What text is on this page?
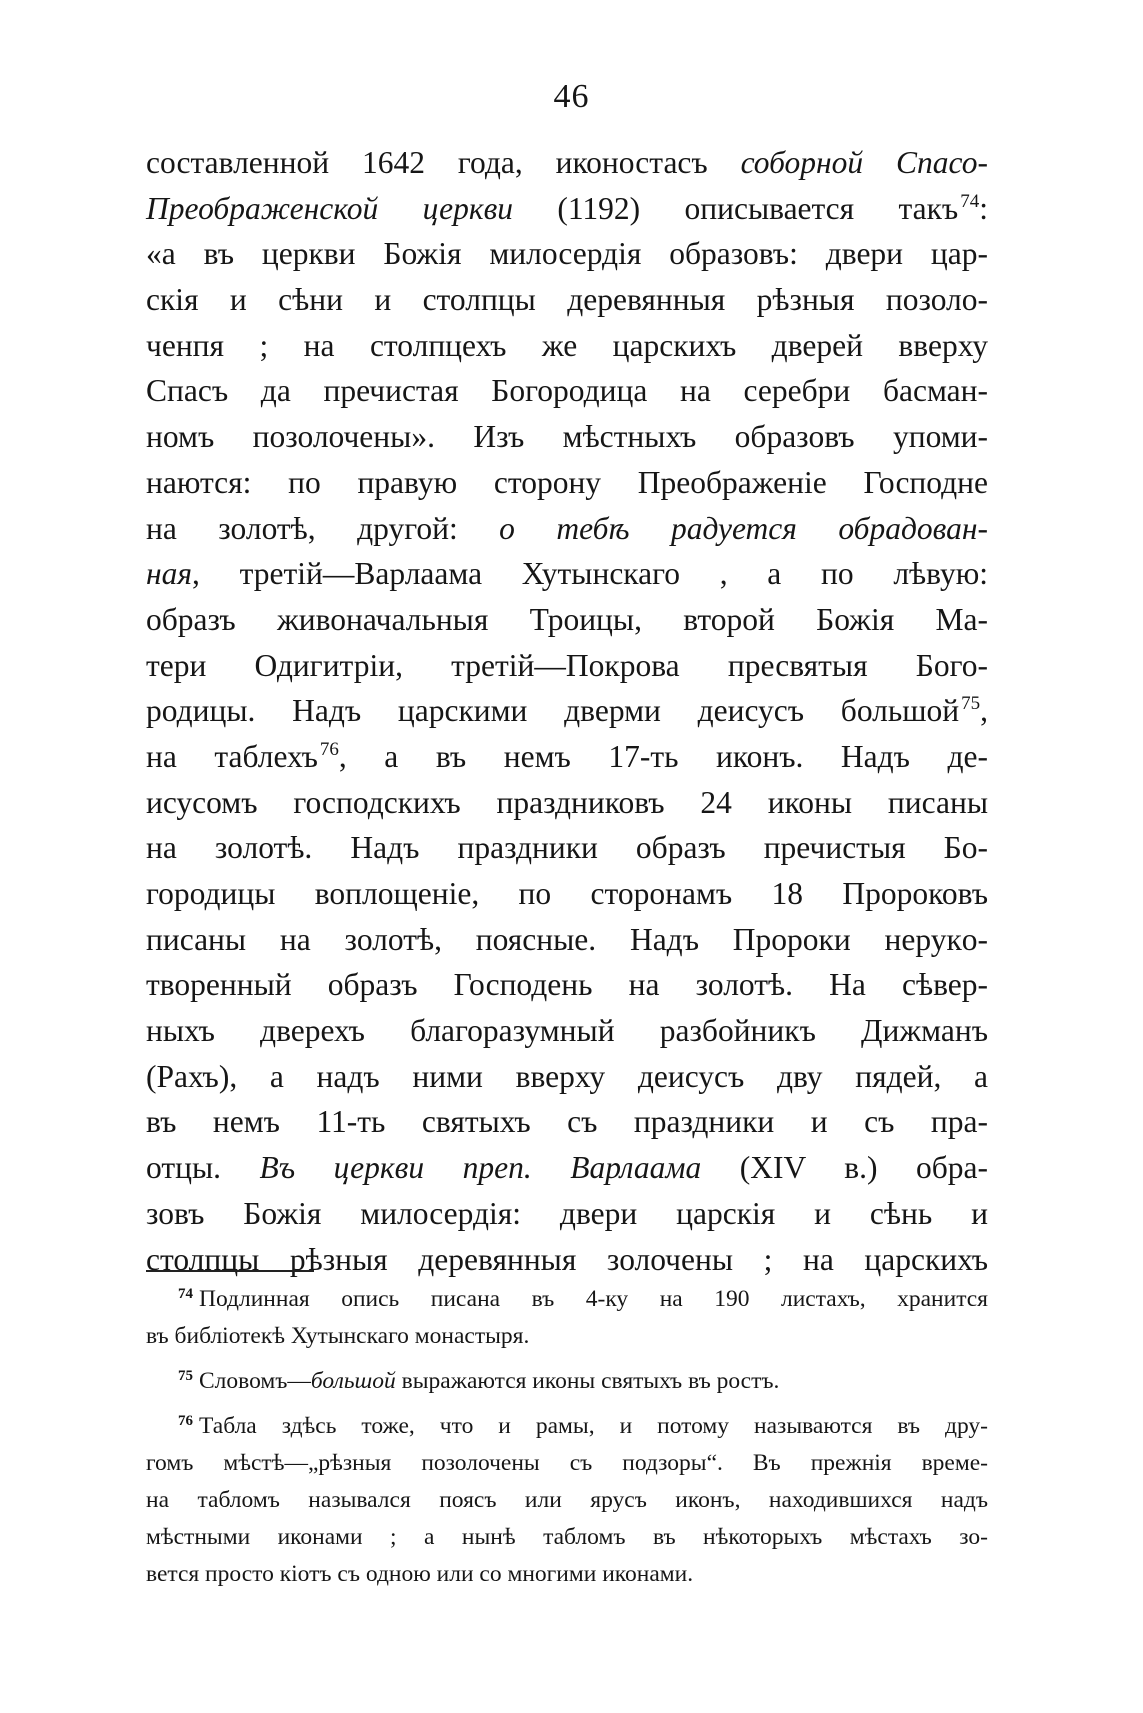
46
составленной 1642 года, иконостасъ соборной Спасо-
Преображенской церкви (1192) описывается такъ $^{74}$:
«а въ церкви Божія милосердія образовъ: двери цар-
скія и сѣни и столпцы деревянныя рѣзныя позоло-
ченпя ; на столпцехъ же царскихъ дверей вверху
Спасъ да пречистая Богородица на серебри басман-
номъ позолочены». Изъ мѣстныхъ образовъ упоми-
наются: по правую сторону Преображеніе Господне
на золотѣ, другой: о тебѣ радуется обрадован-
ная, третій—Варлаама Хутынскаго , а по лѣвую:
образъ живоначальныя Троицы, второй Божія Ма-
тери Одигитріи, третій—Покрова пресвятыя Бого-
родицы. Надъ царскими дверми деисусъ большой $^{75}$,
на таблехъ $^{76}$, а въ немъ 17-ть иконъ. Надъ де-
исусомъ господскихъ праздниковъ 24 иконы писаны
на золотѣ. Надъ праздники образъ пречистыя Бо-
городицы воплощеніе, по сторонамъ 18 Пророковъ
писаны на золотѣ, поясные. Надъ Пророки нерукo-
творенный образъ Господень на золотѣ. На сѣвер-
ныхъ дверехъ благоразумный разбойникъ Дижманъ
(Рахъ), а надъ ними вверху деисусъ дву пядей, а
въ немъ 11-ть святыхъ съ праздники и съ пра-
отцы. Въ церкви преп. Варлаама (XIV в.) обра-
зовъ Божія милосердія: двери царскія и сѣнь и
столпцы рѣзныя деревянныя золочены ; на царскихъ
$^{74}$ Подлинная опись писана въ 4-ку на 190 листахъ, хранится
въ библіотекѣ Хутынскаго монастыря.
$^{75}$ Словомъ—большой выражаются иконы святыхъ въ ростъ.
$^{76}$ Табла здѣсь тоже, что и рамы, и потому называются въ дру-
гомъ мѣстѣ—„рѣзныя позолочены съ подзоры“. Въ прежнія време-
на табломъ назывался поясъ или ярусъ иконъ, находившихся надъ
мѣстными иконами ; а нынѣ табломъ въ нѣкоторыхъ мѣстахъ зо-
вется просто кіотъ съ одною или со многими иконами.
